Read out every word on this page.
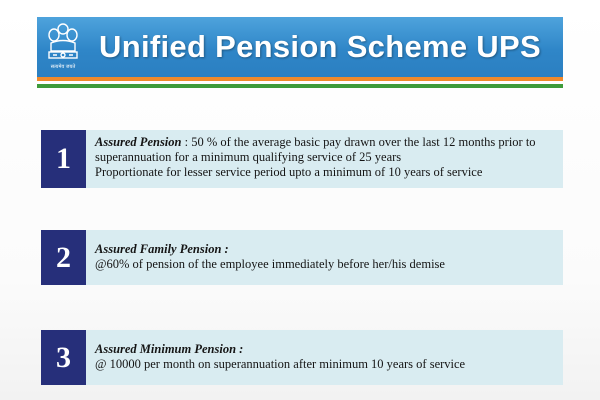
सत्यमेव जयते
Unified Pension Scheme UPS
1	Assured Pension : 50 % of the average basic pay drawn over the last 12 months prior to
superannuation for a minimum qualifying service of 25 years
Proportionate for lesser service period upto a minimum of 10 years of service
2	Assured Family Pension :
@60% of pension of the employee immediately before her/his demise
3	Assured Minimum Pension :
@ 10000 per month on superannuation after minimum 10 years of service
